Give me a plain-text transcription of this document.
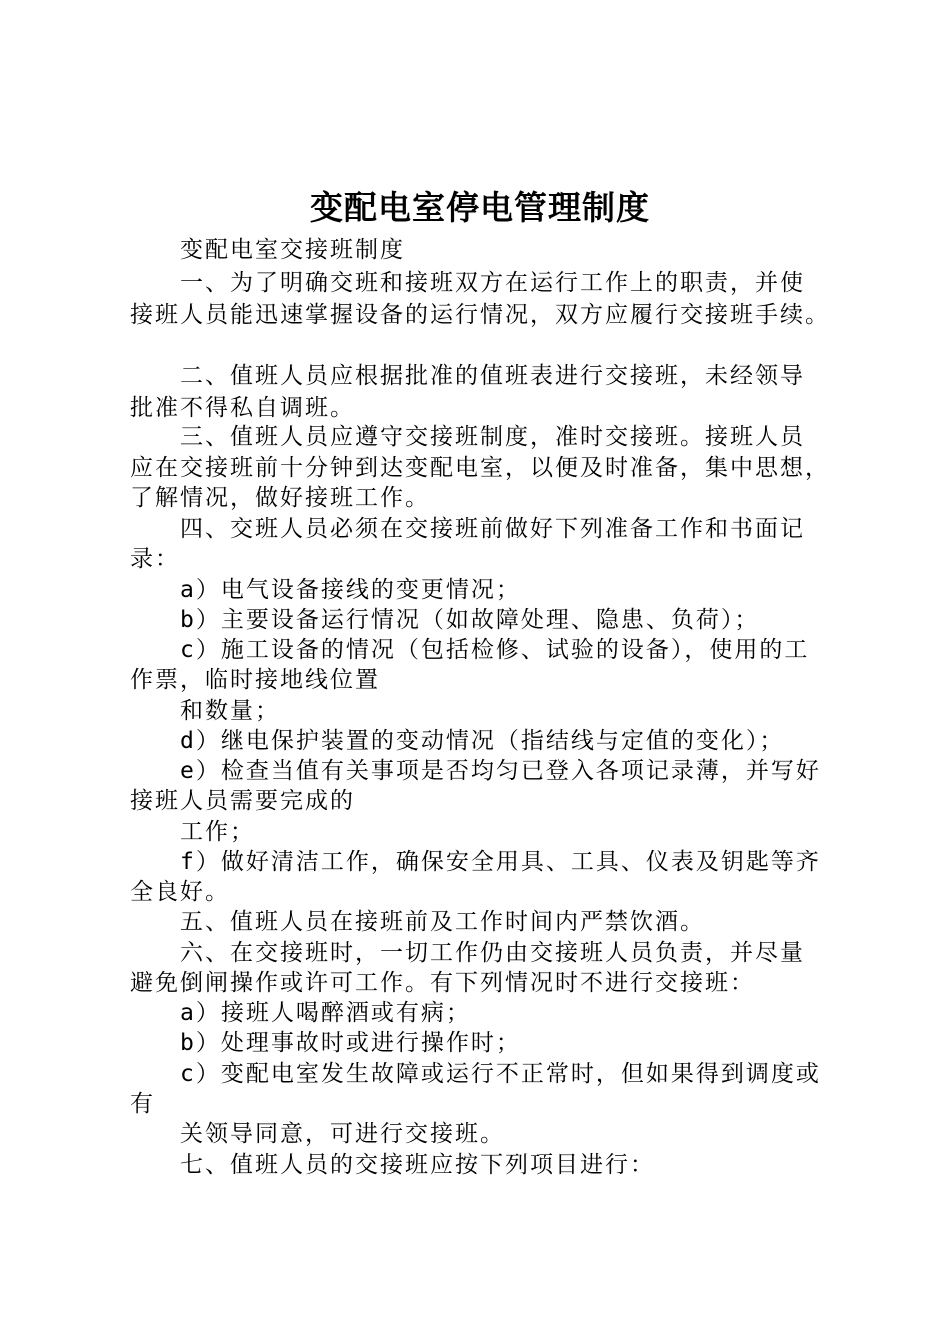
变配电室停电管理制度
变配电室交接班制度
一、为了明确交班和接班双方在运行工作上的职责，并使
接班人员能迅速掌握设备的运行情况，双方应履行交接班手续。
二、值班人员应根据批准的值班表进行交接班，未经领导
批准不得私自调班。
三、值班人员应遵守交接班制度，准时交接班。接班人员
应在交接班前十分钟到达变配电室，以便及时准备，集中思想，
了解情况，做好接班工作。
四、交班人员必须在交接班前做好下列准备工作和书面记
录：
a）电气设备接线的变更情况；
b）主要设备运行情况（如故障处理、隐患、负荷）；
c）施工设备的情况（包括检修、试验的设备），使用的工
作票，临时接地线位置
和数量；
d）继电保护装置的变动情况（指结线与定值的变化）；
e）检查当值有关事项是否均匀已登入各项记录薄，并写好
接班人员需要完成的
工作；
f）做好清洁工作，确保安全用具、工具、仪表及钥匙等齐
全良好。
五、值班人员在接班前及工作时间内严禁饮酒。
六、在交接班时，一切工作仍由交接班人员负责，并尽量
避免倒闸操作或许可工作。有下列情况时不进行交接班：
a）接班人喝醉酒或有病；
b）处理事故时或进行操作时；
c）变配电室发生故障或运行不正常时，但如果得到调度或
有
关领导同意，可进行交接班。
七、值班人员的交接班应按下列项目进行：
